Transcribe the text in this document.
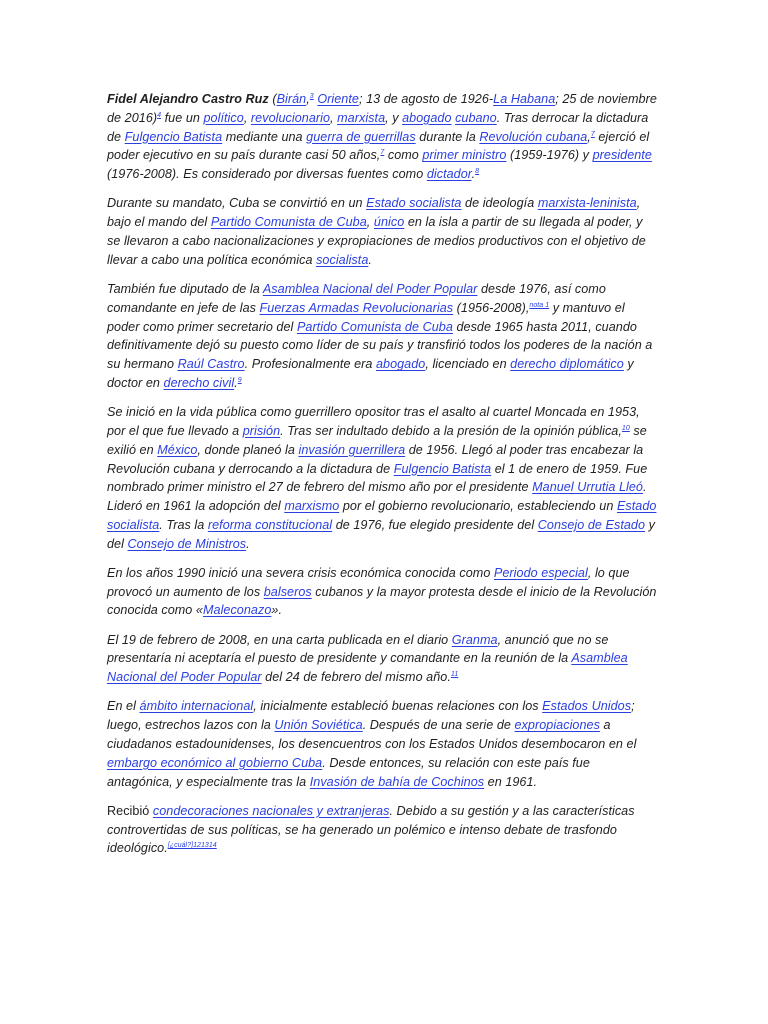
Fidel Alejandro Castro Ruz (Birán,$^3$ Oriente; 13 de agosto de 1926-La Habana; 25 de noviembre de 2016)$^4$ fue un político, revolucionario, marxista, y abogado cubano. Tras derrocar la dictadura de Fulgencio Batista mediante una guerra de guerrillas durante la Revolución cubana,$^7$ ejerció el poder ejecutivo en su país durante casi 50 años,$^7$ como primer ministro (1959-1976) y presidente (1976-2008). Es considerado por diversas fuentes como dictador.$^8$

Durante su mandato, Cuba se convirtió en un Estado socialista de ideología marxista-leninista, bajo el mando del Partido Comunista de Cuba, único en la isla a partir de su llegada al poder, y se llevaron a cabo nacionalizaciones y expropiaciones de medios productivos con el objetivo de llevar a cabo una política económica socialista.

También fue diputado de la Asamblea Nacional del Poder Popular desde 1976, así como comandante en jefe de las Fuerzas Armadas Revolucionarias (1956-2008),$^{nota 1}$ y mantuvo el poder como primer secretario del Partido Comunista de Cuba desde 1965 hasta 2011, cuando definitivamente dejó su puesto como líder de su país y transfirió todos los poderes de la nación a su hermano Raúl Castro. Profesionalmente era abogado, licenciado en derecho diplomático y doctor en derecho civil.$^9$

Se inició en la vida pública como guerrillero opositor tras el asalto al cuartel Moncada en 1953, por el que fue llevado a prisión. Tras ser indultado debido a la presión de la opinión pública,$^{10}$ se exilió en México, donde planeó la invasión guerrillera de 1956. Llegó al poder tras encabezar la Revolución cubana y derrocando a la dictadura de Fulgencio Batista el 1 de enero de 1959. Fue nombrado primer ministro el 27 de febrero del mismo año por el presidente Manuel Urrutia Lleó. Lideró en 1961 la adopción del marxismo por el gobierno revolucionario, estableciendo un Estado socialista. Tras la reforma constitucional de 1976, fue elegido presidente del Consejo de Estado y del Consejo de Ministros.

En los años 1990 inició una severa crisis económica conocida como Periodo especial, lo que provocó un aumento de los balseros cubanos y la mayor protesta desde el inicio de la Revolución conocida como «Maleconazo».

El 19 de febrero de 2008, en una carta publicada en el diario Granma, anunció que no se presentaría ni aceptaría el puesto de presidente y comandante en la reunión de la Asamblea Nacional del Poder Popular del 24 de febrero del mismo año.$^{11}$

En el ámbito internacional, inicialmente estableció buenas relaciones con los Estados Unidos; luego, estrechos lazos con la Unión Soviética. Después de una serie de expropiaciones a ciudadanos estadounidenses, los desencuentros con los Estados Unidos desembocaron en el embargo económico al gobierno Cuba. Desde entonces, su relación con este país fue antagónica, y especialmente tras la Invasión de bahía de Cochinos en 1961.

Recibió condecoraciones nacionales y extranjeras. Debido a su gestión y a las características controvertidas de sus políticas, se ha generado un polémico e intenso debate de trasfondo ideológico.$^{[¿cuál?]121314}$
